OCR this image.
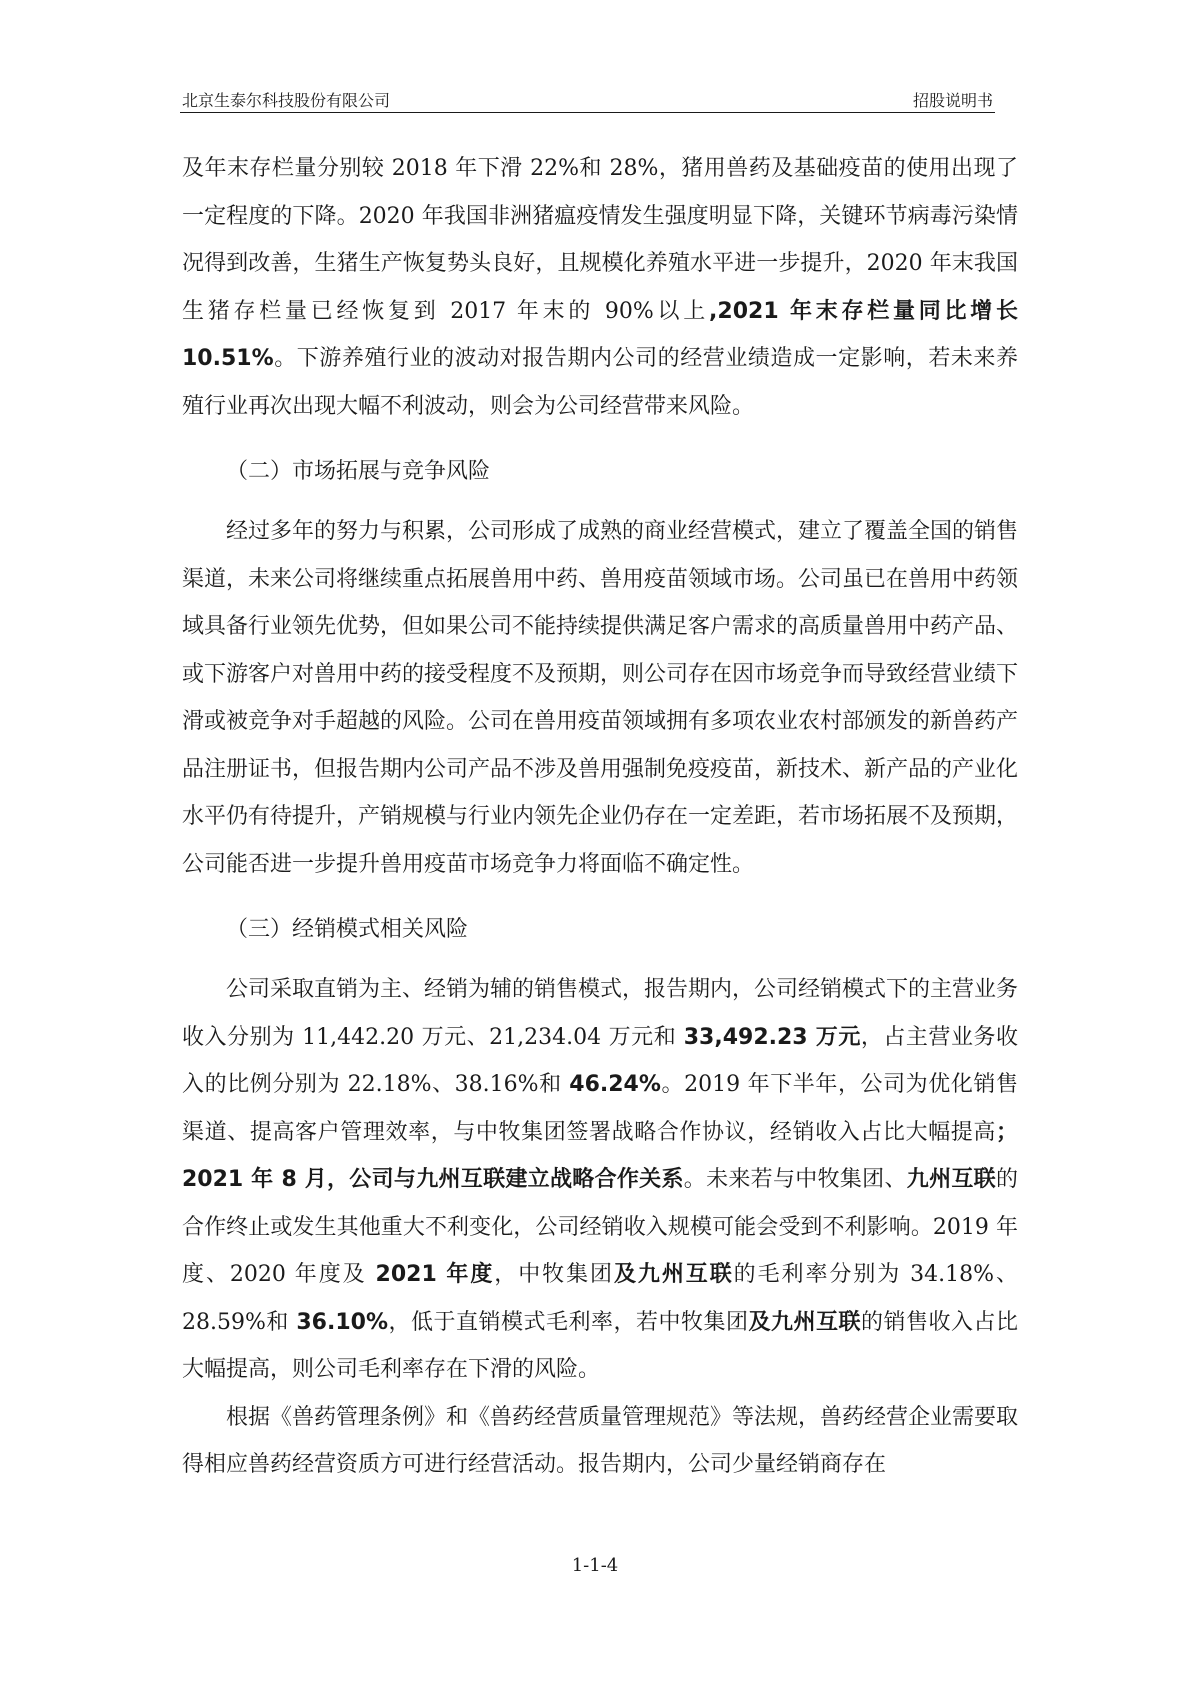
北京生泰尔科技股份有限公司	招股说明书

及年末存栏量分别较 2018 年下滑 22%和 28%，猪用兽药及基础疫苗的使用出现了一定程度的下降。2020 年我国非洲猪瘟疫情发生强度明显下降，关键环节病毒污染情况得到改善，生猪生产恢复势头良好，且规模化养殖水平进一步提升，2020 年末我国生猪存栏量已经恢复到 2017 年末的 90%以上,2021 年末存栏量同比增长 10.51%。下游养殖行业的波动对报告期内公司的经营业绩造成一定影响，若未来养殖行业再次出现大幅不利波动，则会为公司经营带来风险。

（二）市场拓展与竞争风险

经过多年的努力与积累，公司形成了成熟的商业经营模式，建立了覆盖全国的销售渠道，未来公司将继续重点拓展兽用中药、兽用疫苗领域市场。公司虽已在兽用中药领域具备行业领先优势，但如果公司不能持续提供满足客户需求的高质量兽用中药产品、或下游客户对兽用中药的接受程度不及预期，则公司存在因市场竞争而导致经营业绩下滑或被竞争对手超越的风险。公司在兽用疫苗领域拥有多项农业农村部颁发的新兽药产品注册证书，但报告期内公司产品不涉及兽用强制免疫疫苗，新技术、新产品的产业化水平仍有待提升，产销规模与行业内领先企业仍存在一定差距，若市场拓展不及预期，公司能否进一步提升兽用疫苗市场竞争力将面临不确定性。

（三）经销模式相关风险

公司采取直销为主、经销为辅的销售模式，报告期内，公司经销模式下的主营业务收入分别为 11,442.20 万元、21,234.04 万元和 33,492.23 万元，占主营业务收入的比例分别为 22.18%、38.16%和 46.24%。2019 年下半年，公司为优化销售渠道、提高客户管理效率，与中牧集团签署战略合作协议，经销收入占比大幅提高；2021 年 8 月，公司与九州互联建立战略合作关系。未来若与中牧集团、九州互联的合作终止或发生其他重大不利变化，公司经销收入规模可能会受到不利影响。2019 年度、2020 年度及 2021 年度，中牧集团及九州互联的毛利率分别为 34.18%、28.59%和 36.10%，低于直销模式毛利率，若中牧集团及九州互联的销售收入占比大幅提高，则公司毛利率存在下滑的风险。

根据《兽药管理条例》和《兽药经营质量管理规范》等法规，兽药经营企业需要取得相应兽药经营资质方可进行经营活动。报告期内，公司少量经销商存在

1-1-4
